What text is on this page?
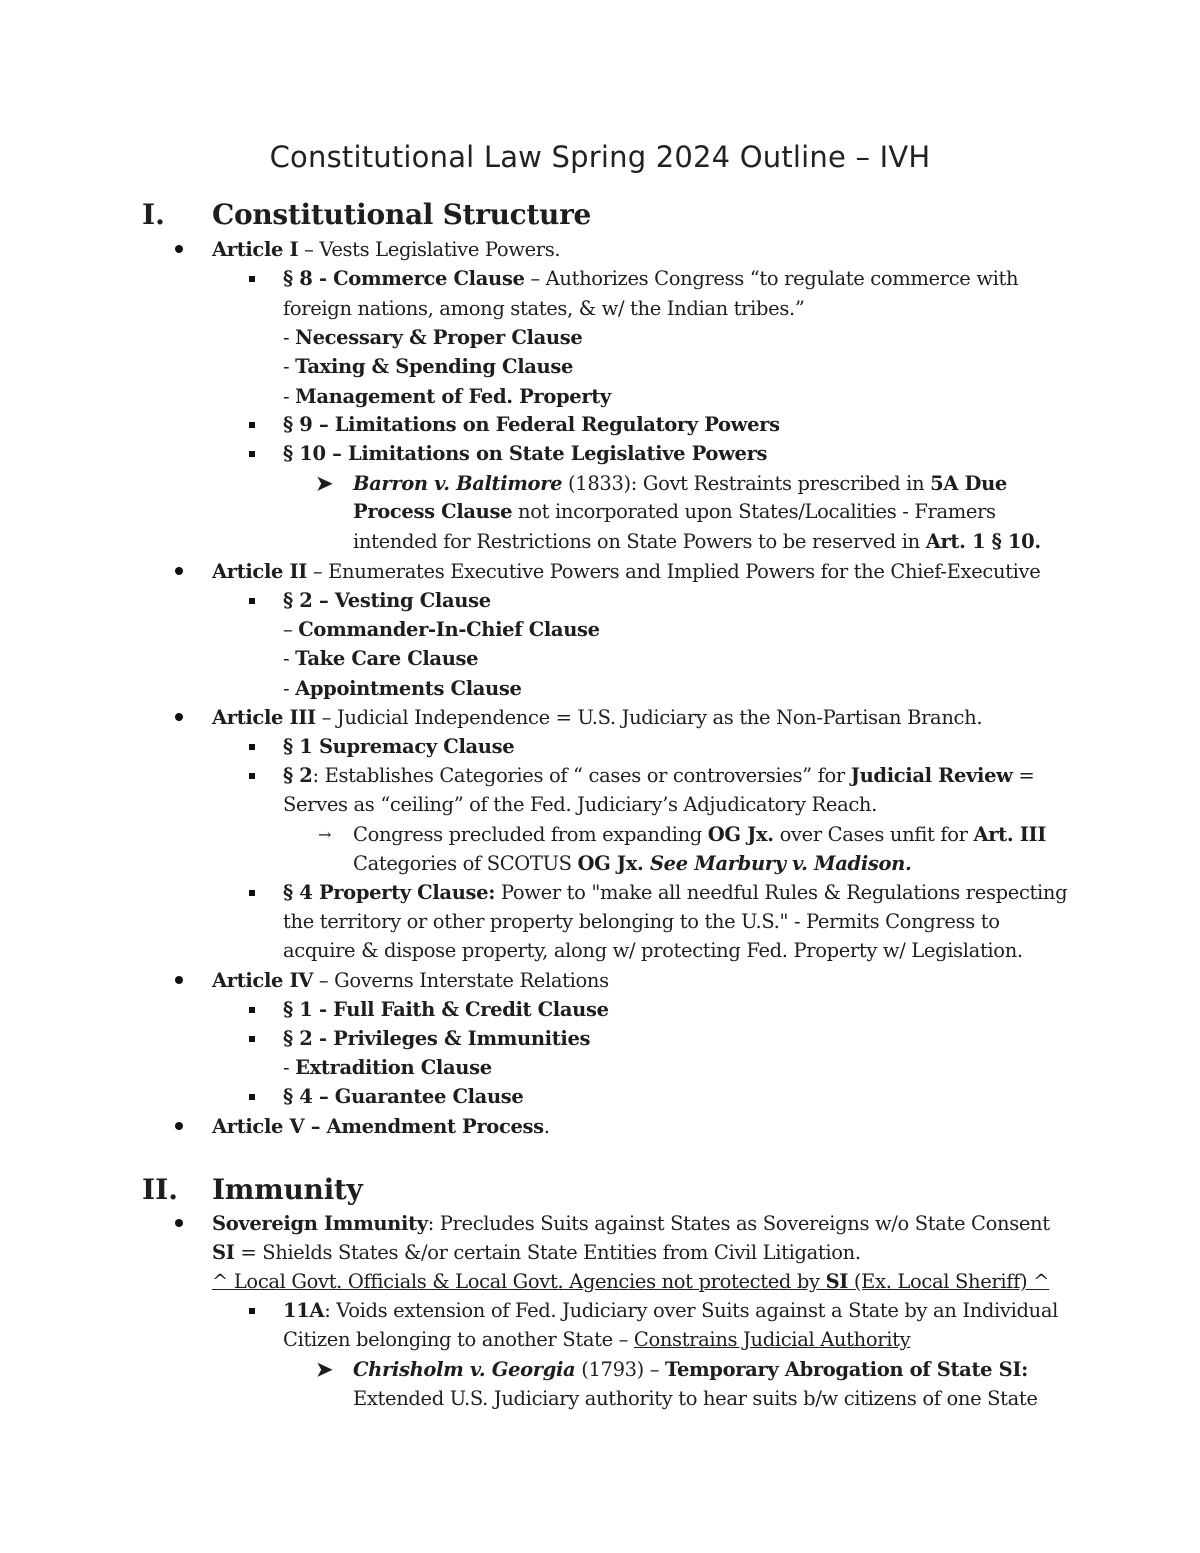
Constitutional Law Spring 2024 Outline – IVH
I. Constitutional Structure
Article I – Vests Legislative Powers.
§ 8 - Commerce Clause – Authorizes Congress “to regulate commerce with
foreign nations, among states, & w/ the Indian tribes.”
- Necessary & Proper Clause
- Taxing & Spending Clause
- Management of Fed. Property
§ 9 – Limitations on Federal Regulatory Powers
§ 10 – Limitations on State Legislative Powers
➤ Barron v. Baltimore (1833): Govt Restraints prescribed in 5A Due
Process Clause not incorporated upon States/Localities - Framers
intended for Restrictions on State Powers to be reserved in Art. 1 § 10.
Article II – Enumerates Executive Powers and Implied Powers for the Chief-Executive
§ 2 – Vesting Clause
– Commander-In-Chief Clause
- Take Care Clause
- Appointments Clause
Article III – Judicial Independence = U.S. Judiciary as the Non-Partisan Branch.
§ 1 Supremacy Clause
§ 2: Establishes Categories of “ cases or controversies” for Judicial Review =
Serves as “ceiling” of the Fed. Judiciary’s Adjudicatory Reach.
→ Congress precluded from expanding OG Jx. over Cases unfit for Art. III
Categories of SCOTUS OG Jx. See Marbury v. Madison.
§ 4 Property Clause: Power to "make all needful Rules & Regulations respecting
the territory or other property belonging to the U.S." - Permits Congress to
acquire & dispose property, along w/ protecting Fed. Property w/ Legislation.
Article IV – Governs Interstate Relations
§ 1 - Full Faith & Credit Clause
§ 2 - Privileges & Immunities
- Extradition Clause
§ 4 – Guarantee Clause
Article V – Amendment Process.
II. Immunity
Sovereign Immunity: Precludes Suits against States as Sovereigns w/o State Consent
SI = Shields States &/or certain State Entities from Civil Litigation.
^ Local Govt. Officials & Local Govt. Agencies not protected by SI (Ex. Local Sheriff) ^
11A: Voids extension of Fed. Judiciary over Suits against a State by an Individual
Citizen belonging to another State – Constrains Judicial Authority
➤ Chrisholm v. Georgia (1793) – Temporary Abrogation of State SI:
Extended U.S. Judiciary authority to hear suits b/w citizens of one State
